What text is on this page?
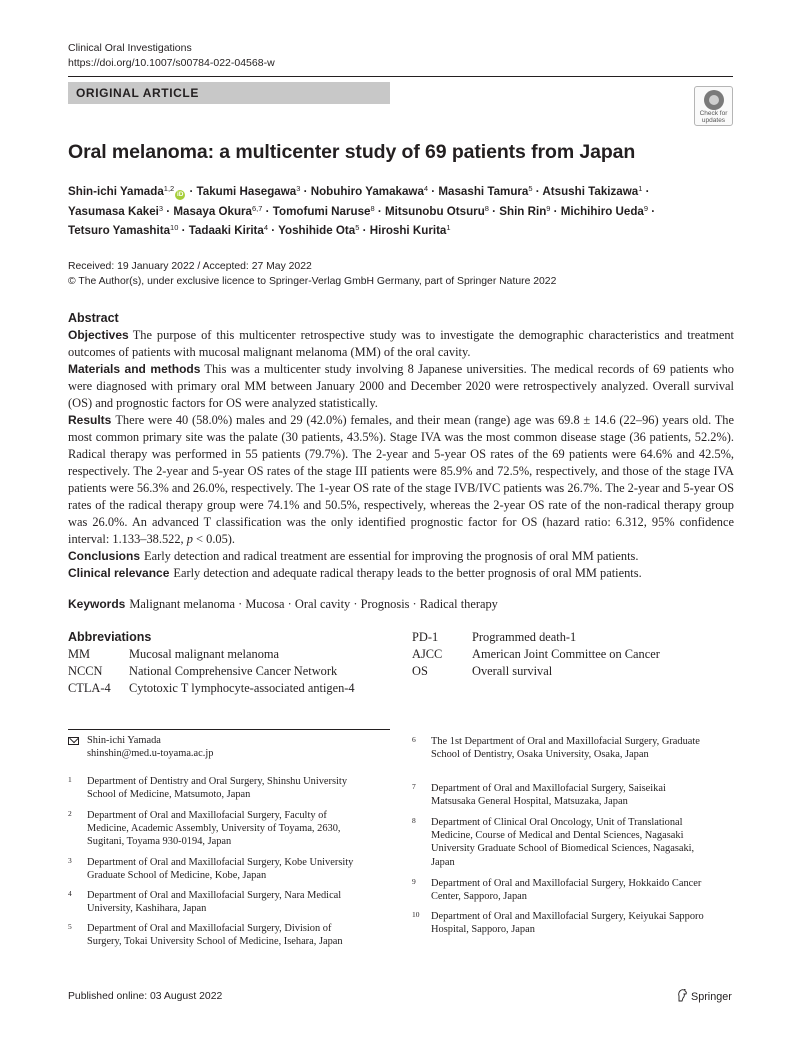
Clinical Oral Investigations
https://doi.org/10.1007/s00784-022-04568-w
ORIGINAL ARTICLE
Check for
updates
Oral melanoma: a multicenter study of 69 patients from Japan
Shin-ichi Yamada$^{1,2}$iD · Takumi Hasegawa$^3$ · Nobuhiro Yamakawa$^4$ · Masashi Tamura$^5$ · Atsushi Takizawa$^1$ ·
Yasumasa Kakei$^3$ · Masaya Okura$^{6,7}$ · Tomofumi Naruse$^8$ · Mitsunobu Otsuru$^8$ · Shin Rin$^9$ · Michihiro Ueda$^9$ ·
Tetsuro Yamashita$^{10}$ · Tadaaki Kirita$^4$ · Yoshihide Ota$^5$ · Hiroshi Kurita$^1$
Received: 19 January 2022 / Accepted: 27 May 2022
© The Author(s), under exclusive licence to Springer-Verlag GmbH Germany, part of Springer Nature 2022
Abstract

Objectives The purpose of this multicenter retrospective study was to investigate the demographic characteristics and treatment outcomes of patients with mucosal malignant melanoma (MM) of the oral cavity.

Materials and methods This was a multicenter study involving 8 Japanese universities. The medical records of 69 patients who were diagnosed with primary oral MM between January 2000 and December 2020 were retrospectively analyzed. Overall survival (OS) and prognostic factors for OS were analyzed statistically.

Results There were 40 (58.0%) males and 29 (42.0%) females, and their mean (range) age was 69.8 ± 14.6 (22–96) years old. The most common primary site was the palate (30 patients, 43.5%). Stage IVA was the most common disease stage (36 patients, 52.2%). Radical therapy was performed in 55 patients (79.7%). The 2-year and 5-year OS rates of the 69 patients were 64.6% and 42.5%, respectively. The 2-year and 5-year OS rates of the stage III patients were 85.9% and 72.5%, respectively, and those of the stage IVA patients were 56.3% and 26.0%, respectively. The 1-year OS rate of the stage IVB/IVC patients was 26.7%. The 2-year and 5-year OS rates of the radical therapy group were 74.1% and 50.5%, respectively, whereas the 2-year OS rate of the non-radical therapy group was 26.0%. An advanced T classification was the only identified prognostic factor for OS (hazard ratio: 6.312, 95% confidence interval: 1.133–38.522, p < 0.05).

Conclusions Early detection and radical treatment are essential for improving the prognosis of oral MM patients.

Clinical relevance Early detection and adequate radical therapy leads to the better prognosis of oral MM patients.

Keywords Malignant melanoma · Mucosa · Oral cavity · Prognosis · Radical therapy
Abbreviations
MM	Mucosal malignant melanoma
NCCN	National Comprehensive Cancer Network
CTLA-4	Cytotoxic T lymphocyte-associated antigen-4
PD-1	Programmed death-1
AJCC	American Joint Committee on Cancer
OS	Overall survival
Shin-ichi Yamada
shinshin@med.u-toyama.ac.jp
1 Department of Dentistry and Oral Surgery, Shinshu University School of Medicine, Matsumoto, Japan
2 Department of Oral and Maxillofacial Surgery, Faculty of Medicine, Academic Assembly, University of Toyama, 2630, Sugitani, Toyama 930-0194, Japan
3 Department of Oral and Maxillofacial Surgery, Kobe University Graduate School of Medicine, Kobe, Japan
4 Department of Oral and Maxillofacial Surgery, Nara Medical University, Kashihara, Japan
5 Department of Oral and Maxillofacial Surgery, Division of Surgery, Tokai University School of Medicine, Isehara, Japan
6 The 1st Department of Oral and Maxillofacial Surgery, Graduate School of Dentistry, Osaka University, Osaka, Japan
7 Department of Oral and Maxillofacial Surgery, Saiseikai Matsusaka General Hospital, Matsuzaka, Japan
8 Department of Clinical Oral Oncology, Unit of Translational Medicine, Course of Medical and Dental Sciences, Nagasaki University Graduate School of Biomedical Sciences, Nagasaki, Japan
9 Department of Oral and Maxillofacial Surgery, Hokkaido Cancer Center, Sapporo, Japan
10 Department of Oral and Maxillofacial Surgery, Keiyukai Sapporo Hospital, Sapporo, Japan
Published online: 03 August 2022	Springer
